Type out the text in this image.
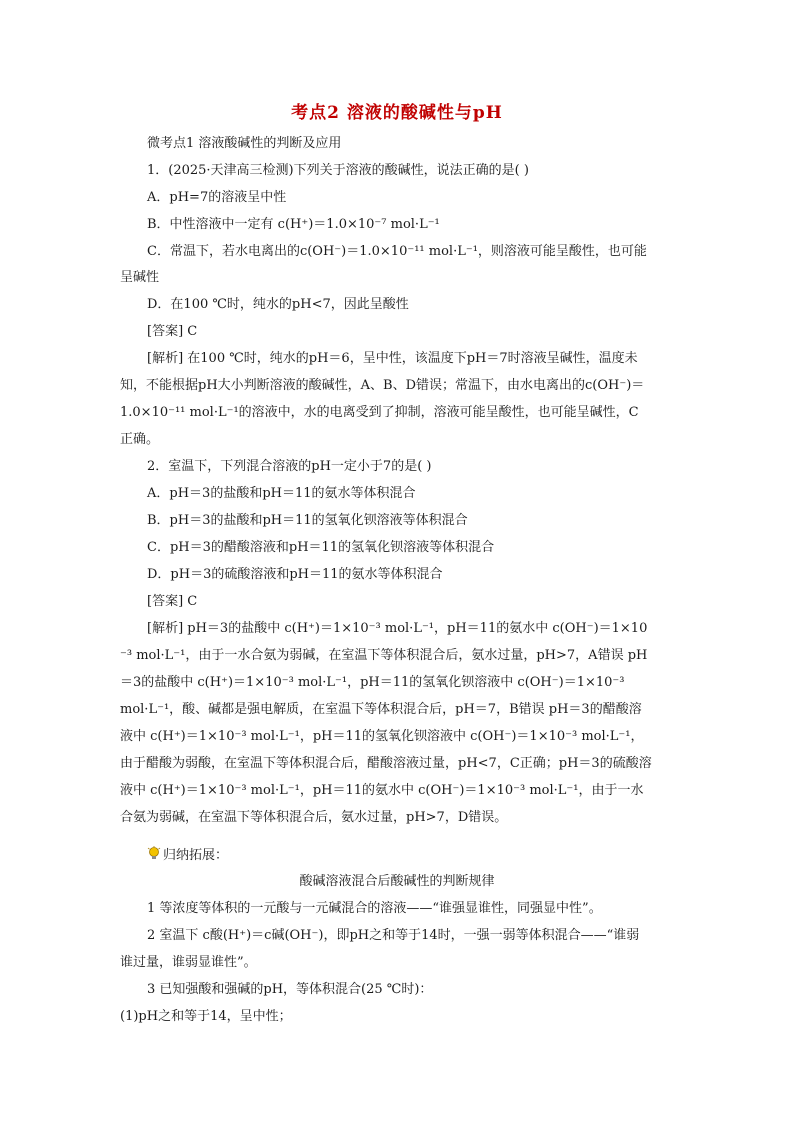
考点2 溶液的酸碱性与pH
微考点1 溶液酸碱性的判断及应用
1．(2025·天津高三检测)下列关于溶液的酸碱性，说法正确的是( )
A．pH=7的溶液呈中性
B．中性溶液中一定有 c(H⁺)＝1.0×10⁻⁷ mol·L⁻¹
C．常温下，若水电离出的c(OH⁻)＝1.0×10⁻¹¹ mol·L⁻¹，则溶液可能呈酸性，也可能
呈碱性
D．在100 ℃时，纯水的pH<7，因此呈酸性
[答案] C
[解析] 在100 ℃时，纯水的pH＝6，呈中性，该温度下pH＝7时溶液呈碱性，温度未
知，不能根据pH大小判断溶液的酸碱性，A、B、D错误；常温下，由水电离出的c(OH⁻)＝
1.0×10⁻¹¹ mol·L⁻¹的溶液中，水的电离受到了抑制，溶液可能呈酸性，也可能呈碱性，C
正确。
2．室温下，下列混合溶液的pH一定小于7的是( )
A．pH＝3的盐酸和pH＝11的氨水等体积混合
B．pH＝3的盐酸和pH＝11的氢氧化钡溶液等体积混合
C．pH＝3的醋酸溶液和pH＝11的氢氧化钡溶液等体积混合
D．pH＝3的硫酸溶液和pH＝11的氨水等体积混合
[答案] C
[解析] pH＝3的盐酸中 c(H⁺)＝1×10⁻³ mol·L⁻¹，pH＝11的氨水中 c(OH⁻)＝1×10
⁻³ mol·L⁻¹，由于一水合氨为弱碱，在室温下等体积混合后，氨水过量，pH>7，A错误 pH
＝3的盐酸中 c(H⁺)＝1×10⁻³ mol·L⁻¹，pH＝11的氢氧化钡溶液中 c(OH⁻)＝1×10⁻³
mol·L⁻¹，酸、碱都是强电解质，在室温下等体积混合后，pH＝7，B错误 pH＝3的醋酸溶
液中 c(H⁺)＝1×10⁻³ mol·L⁻¹，pH＝11的氢氧化钡溶液中 c(OH⁻)＝1×10⁻³ mol·L⁻¹，
由于醋酸为弱酸，在室温下等体积混合后，醋酸溶液过量，pH<7，C正确；pH＝3的硫酸溶
液中 c(H⁺)＝1×10⁻³ mol·L⁻¹，pH＝11的氨水中 c(OH⁻)＝1×10⁻³ mol·L⁻¹，由于一水
合氨为弱碱，在室温下等体积混合后，氨水过量，pH>7，D错误。
归纳拓展：
酸碱溶液混合后酸碱性的判断规律
1 等浓度等体积的一元酸与一元碱混合的溶液——“谁强显谁性，同强显中性”。
2 室温下 c酸(H⁺)＝c碱(OH⁻)，即pH之和等于14时，一强一弱等体积混合——“谁弱
谁过量，谁弱显谁性”。
3 已知强酸和强碱的pH，等体积混合(25 ℃时)：
(1)pH之和等于14，呈中性；
